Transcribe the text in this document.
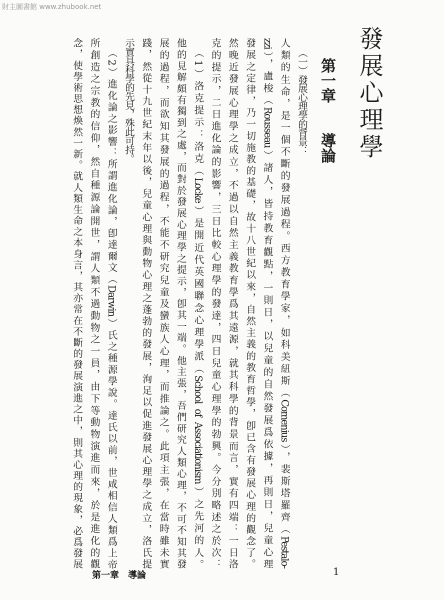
財主圖書館 www.zhubook.net
發展心理學
第一章導論
（一）發展心理學的背景：
人類的生命，是一個不斷的發展過程。西方教育學家，如科美紐斯（Comenius），裴斯塔羅齊（Pestalo-
zzi），盧梭（Rousseau）諸人，皆持教育觀點，一則日，以兒童的自然發展爲依據，再則日，兒童心理
發展之定律，乃一切施教的基礎，故十八世紀以來，自然主義的教育哲學，卽已含有發展心理的觀念了。
然晚近發展心理學之成立，不過以自然主義教育學爲其遠源，就其科學的背景而言，實有四端：一日洛
克的提示，二日進化論的影響，三日比較心理學的發達，四日兒童心理學的勃興。今分別略述之於次：
（1）洛克提示：洛克（Locke）是開近代英國聯念心理學派（School of Associationism）之先河的人。
他的見解頗有獨到之處，而對於發展心理學之提示，卽其一端。他主張，吾們研究人類心理，不可不知其發
展的過程，而欲知其發展的過程，不能不研究兒童及蠻族人心理，而推論之。此項主張，在當時雖未實
踐，然從十九世紀末年以後，兒童心理與動物心理之蓬勃的發展，洵足以促進發展心理學之成立，洛氏提
示實具科學的先見，殊此可持。
（2）進化論之影響：所謂進化論，卽達爾文（Darwin）氏之種源學說。達氏以前，世咸相信人類爲上帝
所創造之宗教的信仰，然自種源論開世，謂人類不過動物之一員，由下等動物演進而來，於是進化的觀
念，使學術思想煥然一新。就人類生命之本身言，其亦常在不斷的發展演進之中，則其心理的現象，必爲發展
第一章　導論	1
